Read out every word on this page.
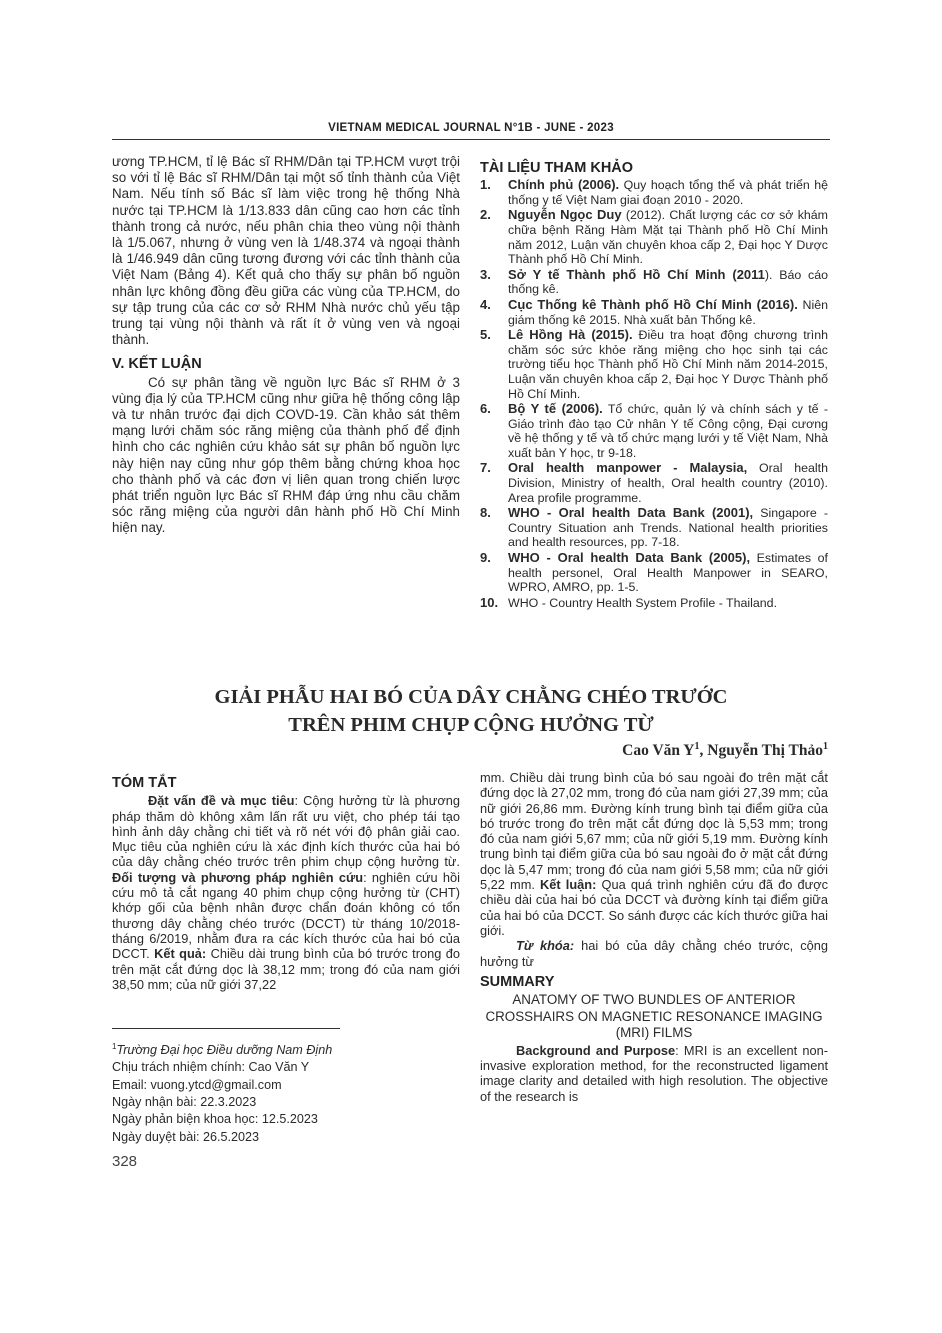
VIETNAM MEDICAL JOURNAL N°1B - JUNE - 2023

ương TP.HCM, tỉ lệ Bác sĩ RHM/Dân tại TP.HCM vượt trội so với tỉ lệ Bác sĩ RHM/Dân tại một số tỉnh thành của Việt Nam. Nếu tính số Bác sĩ làm việc trong hệ thống Nhà nước tại TP.HCM là 1/13.833 dân cũng cao hơn các tỉnh thành trong cả nước, nếu phân chia theo vùng nội thành là 1/5.067, nhưng ở vùng ven là 1/48.374 và ngoại thành là 1/46.949 dân cũng tương đương với các tỉnh thành của Việt Nam (Bảng 4). Kết quả cho thấy sự phân bố nguồn nhân lực không đồng đều giữa các vùng của TP.HCM, do sự tập trung của các cơ sở RHM Nhà nước chủ yếu tập trung tại vùng nội thành và rất ít ở vùng ven và ngoại thành.

V. KẾT LUẬN

Có sự phân tầng về nguồn lực Bác sĩ RHM ở 3 vùng địa lý của TP.HCM cũng như giữa hệ thống công lập và tư nhân trước đại dịch COVD-19. Cần khảo sát thêm mạng lưới chăm sóc răng miệng của thành phố để định hình cho các nghiên cứu khảo sát sự phân bố nguồn lực này hiện nay cũng như góp thêm bằng chứng khoa học cho thành phố và các đơn vị liên quan trong chiến lược phát triển nguồn lực Bác sĩ RHM đáp ứng nhu cầu chăm sóc răng miệng của người dân hành phố Hồ Chí Minh hiện nay.

TÀI LIỆU THAM KHẢO
1. Chính phủ (2006). Quy hoạch tổng thể và phát triển hệ thống y tế Việt Nam giai đoạn 2010 - 2020.
2. Nguyễn Ngọc Duy (2012). Chất lượng các cơ sở khám chữa bệnh Răng Hàm Mặt tại Thành phố Hồ Chí Minh năm 2012, Luận văn chuyên khoa cấp 2, Đại học Y Dược Thành phố Hồ Chí Minh.
3. Sở Y tế Thành phố Hồ Chí Minh (2011). Báo cáo thống kê.
4. Cục Thống kê Thành phố Hồ Chí Minh (2016). Niên giám thống kê 2015. Nhà xuất bản Thống kê.
5. Lê Hồng Hà (2015). Điều tra hoạt động chương trình chăm sóc sức khỏe răng miệng cho học sinh tại các trường tiểu học Thành phố Hồ Chí Minh năm 2014-2015, Luận văn chuyên khoa cấp 2, Đại học Y Dược Thành phố Hồ Chí Minh.
6. Bộ Y tế (2006). Tổ chức, quản lý và chính sách y tế - Giáo trình đào tạo Cử nhân Y tế Công cộng, Đại cương về hệ thống y tế và tổ chức mạng lưới y tế Việt Nam, Nhà xuất bản Y học, tr 9-18.
7. Oral health manpower - Malaysia, Oral health Division, Ministry of health, Oral health country (2010). Area profile programme.
8. WHO - Oral health Data Bank (2001), Singapore - Country Situation anh Trends. National health priorities and health resources, pp. 7-18.
9. WHO - Oral health Data Bank (2005), Estimates of health personel, Oral Health Manpower in SEARO, WPRO, AMRO, pp. 1-5.
10. WHO - Country Health System Profile - Thailand.
GIẢI PHẪU HAI BÓ CỦA DÂY CHẰNG CHÉO TRƯỚC
TRÊN PHIM CHỤP CỘNG HƯỞNG TỪ
Cao Văn $Y^1$, Nguyễn Thị Thảo$^1$
TÓM TẮT

Đặt vấn đề và mục tiêu: Cộng hưởng từ là phương pháp thăm dò không xâm lấn rất ưu việt, cho phép tái tạo hình ảnh dây chằng chi tiết và rõ nét với độ phân giải cao. Mục tiêu của nghiên cứu là xác định kích thước của hai bó của dây chằng chéo trước trên phim chụp cộng hưởng từ. Đối tượng và phương pháp nghiên cứu: nghiên cứu hồi cứu mô tả cắt ngang 40 phim chụp cộng hưởng từ (CHT) khớp gối của bệnh nhân được chẩn đoán không có tổn thương dây chằng chéo trước (DCCT) từ tháng 10/2018-tháng 6/2019, nhằm đưa ra các kích thước của hai bó của DCCT. Kết quả: Chiều dài trung bình của bó trước trong đo trên mặt cắt đứng dọc là 38,12 mm; trong đó của nam giới 38,50 mm; của nữ giới 37,22

mm. Chiều dài trung bình của bó sau ngoài đo trên mặt cắt đứng dọc là 27,02 mm, trong đó của nam giới 27,39 mm; của nữ giới 26,86 mm. Đường kính trung bình tại điểm giữa của bó trước trong đo trên mặt cắt đứng dọc là 5,53 mm; trong đó của nam giới 5,67 mm; của nữ giới 5,19 mm. Đường kính trung bình tại điểm giữa của bó sau ngoài đo ở mặt cắt đứng dọc là 5,47 mm; trong đó của nam giới 5,58 mm; của nữ giới 5,22 mm. Kết luận: Qua quá trình nghiên cứu đã đo được chiều dài của hai bó của DCCT và đường kính tại điểm giữa của hai bó của DCCT. So sánh được các kích thước giữa hai giới.

Từ khóa: hai bó của dây chằng chéo trước, cộng hưởng từ

SUMMARY
ANATOMY OF TWO BUNDLES OF ANTERIOR CROSSHAIRS ON MAGNETIC RESONANCE IMAGING (MRI) FILMS

Background and Purpose: MRI is an excellent non-invasive exploration method, for the reconstructed ligament image clarity and detailed with high resolution. The objective of the research is

$^1$Trường Đại học Điều dưỡng Nam Định
Chịu trách nhiệm chính: Cao Văn Y
Email: vuong.ytcd@gmail.com
Ngày nhận bài: 22.3.2023
Ngày phản biện khoa học: 12.5.2023
Ngày duyệt bài: 26.5.2023
328
